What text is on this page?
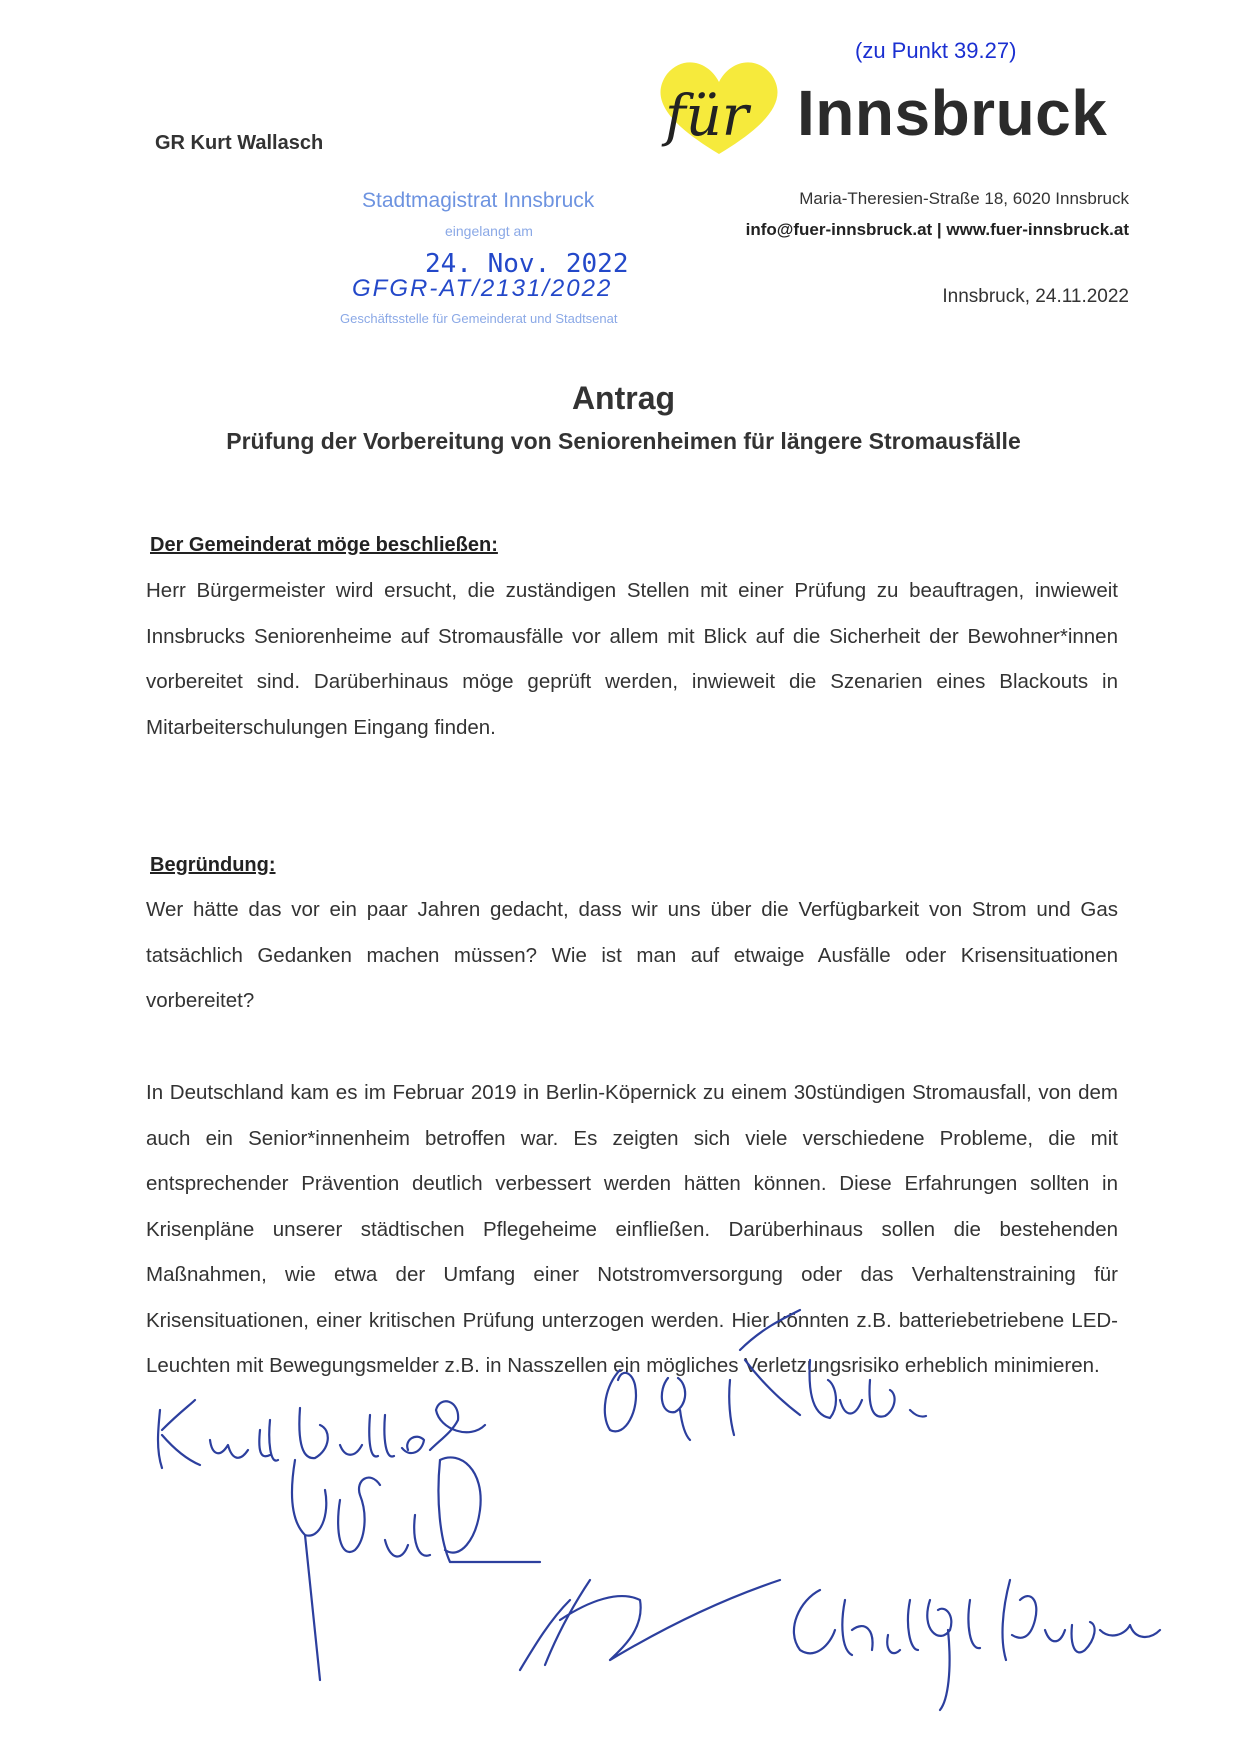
(zu Punkt 39.27)
GR Kurt Wallasch	für Innsbruck
Maria-Theresien-Straße 18, 6020 Innsbruck
info@fuer-innsbruck.at | www.fuer-innsbruck.at
Innsbruck, 24.11.2022
Stadtmagistrat Innsbruck
eingelangt am
24. Nov. 2022
GFGR-AT/2131/2022
Geschäftsstelle für Gemeinderat und Stadtsenat
Antrag
Prüfung der Vorbereitung von Seniorenheimen für längere Stromausfälle
Der Gemeinderat möge beschließen:
Herr Bürgermeister wird ersucht, die zuständigen Stellen mit einer Prüfung zu beauftragen, inwieweit Innsbrucks Seniorenheime auf Stromausfälle vor allem mit Blick auf die Sicherheit der Bewohner*innen vorbereitet sind. Darüberhinaus möge geprüft werden, inwieweit die Szenarien eines Blackouts in Mitarbeiterschulungen Eingang finden.
Begründung:
Wer hätte das vor ein paar Jahren gedacht, dass wir uns über die Verfügbarkeit von Strom und Gas tatsächlich Gedanken machen müssen? Wie ist man auf etwaige Ausfälle oder Krisensituationen vorbereitet?
In Deutschland kam es im Februar 2019 in Berlin-Köpernick zu einem 30stündigen Stromausfall, von dem auch ein Senior*innenheim betroffen war. Es zeigten sich viele verschiedene Probleme, die mit entsprechender Prävention deutlich verbessert werden hätten können. Diese Erfahrungen sollten in Krisenpläne unserer städtischen Pflegeheime einfließen. Darüberhinaus sollen die bestehenden Maßnahmen, wie etwa der Umfang einer Notstromversorgung oder das Verhaltenstraining für Krisensituationen, einer kritischen Prüfung unterzogen werden. Hier könnten z.B. batteriebetriebene LED-Leuchten mit Bewegungsmelder z.B. in Nasszellen ein mögliches Verletzungsrisiko erheblich minimieren.
